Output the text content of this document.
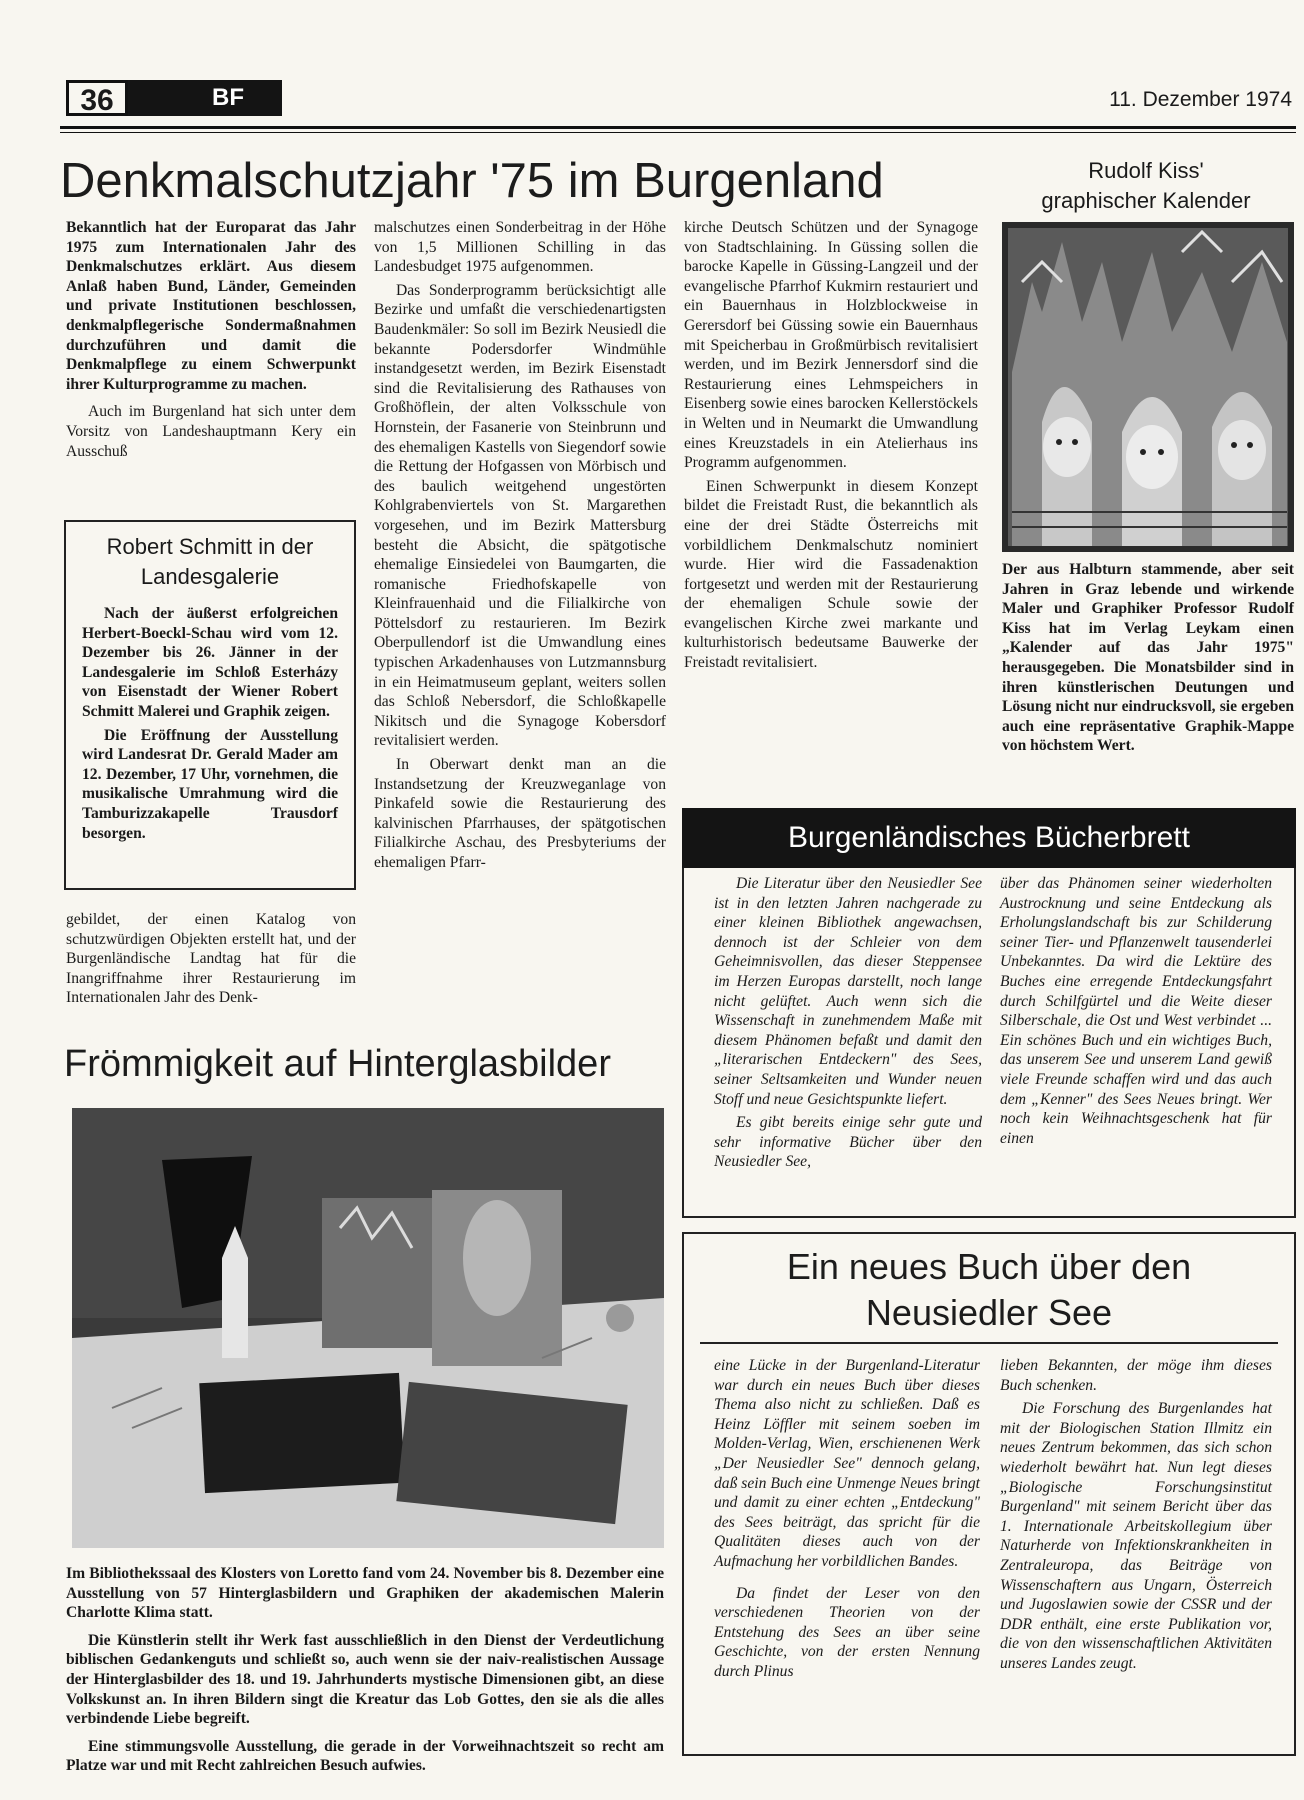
36	BF	11. Dezember 1974
Denkmalschutzjahr '75 im Burgenland

Bekanntlich hat der Europarat das Jahr 1975 zum Internationalen Jahr des Denkmalschutzes erklärt. Aus diesem Anlaß haben Bund, Länder, Gemeinden und private Institutionen beschlossen, denkmalpflegerische Sondermaßnahmen durchzuführen und damit die Denkmalpflege zu einem Schwerpunkt ihrer Kulturprogramme zu machen.

Auch im Burgenland hat sich unter dem Vorsitz von Landeshauptmann Kery ein Ausschuß

Robert Schmitt in der
Landesgalerie

Nach der äußerst erfolgreichen Herbert-Boeckl-Schau wird vom 12. Dezember bis 26. Jänner in der Landesgalerie im Schloß Esterházy von Eisenstadt der Wiener Robert Schmitt Malerei und Graphik zeigen.

Die Eröffnung der Ausstellung wird Landesrat Dr. Gerald Mader am 12. Dezember, 17 Uhr, vornehmen, die musikalische Umrahmung wird die Tamburizzakapelle Trausdorf besorgen.

gebildet, der einen Katalog von schutzwürdigen Objekten erstellt hat, und der Burgenländische Landtag hat für die Inangriffnahme ihrer Restaurierung im Internationalen Jahr des Denk-

malschutzes einen Sonderbeitrag in der Höhe von 1,5 Millionen Schilling in das Landesbudget 1975 aufgenommen.

Das Sonderprogramm berücksichtigt alle Bezirke und umfaßt die verschiedenartigsten Baudenkmäler: So soll im Bezirk Neusiedl die bekannte Podersdorfer Windmühle instandgesetzt werden, im Bezirk Eisenstadt sind die Revitalisierung des Rathauses von Großhöflein, der alten Volksschule von Hornstein, der Fasanerie von Steinbrunn und des ehemaligen Kastells von Siegendorf sowie die Rettung der Hofgassen von Mörbisch und des baulich weitgehend ungestörten Kohlgrabenviertels von St. Margarethen vorgesehen, und im Bezirk Mattersburg besteht die Absicht, die spätgotische ehemalige Einsiedelei von Baumgarten, die romanische Friedhofskapelle von Kleinfrauenhaid und die Filialkirche von Pöttelsdorf zu restaurieren. Im Bezirk Oberpullendorf ist die Umwandlung eines typischen Arkadenhauses von Lutzmannsburg in ein Heimatmuseum geplant, weiters sollen das Schloß Nebersdorf, die Schloßkapelle Nikitsch und die Synagoge Kobersdorf revitalisiert werden.

In Oberwart denkt man an die Instandsetzung der Kreuzweganlage von Pinkafeld sowie die Restaurierung des kalvinischen Pfarrhauses, der spätgotischen Filialkirche Aschau, des Presbyteriums der ehemaligen Pfarr-

kirche Deutsch Schützen und der Synagoge von Stadtschlaining. In Güssing sollen die barocke Kapelle in Güssing-Langzeil und der evangelische Pfarrhof Kukmirn restauriert und ein Bauernhaus in Holzblockweise in Gerersdorf bei Güssing sowie ein Bauernhaus mit Speicherbau in Großmürbisch revitalisiert werden, und im Bezirk Jennersdorf sind die Restaurierung eines Lehmspeichers in Eisenberg sowie eines barocken Kellerstöckels in Welten und in Neumarkt die Umwandlung eines Kreuzstadels in ein Atelierhaus ins Programm aufgenommen.

Einen Schwerpunkt in diesem Konzept bildet die Freistadt Rust, die bekanntlich als eine der drei Städte Österreichs mit vorbildlichem Denkmalschutz nominiert wurde. Hier wird die Fassadenaktion fortgesetzt und werden mit der Restaurierung der ehemaligen Schule sowie der evangelischen Kirche zwei markante und kulturhistorisch bedeutsame Bauwerke der Freistadt revitalisiert.

Rudolf Kiss'
graphischer Kalender
Der aus Halbturn stammende, aber seit Jahren in Graz lebende und wirkende Maler und Graphiker Professor Rudolf Kiss hat im Verlag Leykam einen „Kalender auf das Jahr 1975" herausgegeben. Die Monatsbilder sind in ihren künstlerischen Deutungen und Lösung nicht nur eindrucksvoll, sie ergeben auch eine repräsentative Graphik-Mappe von höchstem Wert.
Frömmigkeit auf Hinterglasbilder

Im Bibliothekssaal des Klosters von Loretto fand vom 24. November bis 8. Dezember eine Ausstellung von 57 Hinterglasbildern und Graphiken der akademischen Malerin Charlotte Klima statt.

Die Künstlerin stellt ihr Werk fast ausschließlich in den Dienst der Verdeutlichung biblischen Gedankenguts und schließt so, auch wenn sie der naiv-realistischen Aussage der Hinterglasbilder des 18. und 19. Jahrhunderts mystische Dimensionen gibt, an diese Volkskunst an. In ihren Bildern singt die Kreatur das Lob Gottes, den sie als die alles verbindende Liebe begreift.

Eine stimmungsvolle Ausstellung, die gerade in der Vorweihnachtszeit so recht am Platze war und mit Recht zahlreichen Besuch aufwies.

Burgenländisches Bücherbrett

Die Literatur über den Neusiedler See ist in den letzten Jahren nachgerade zu einer kleinen Bibliothek angewachsen, dennoch ist der Schleier von dem Geheimnisvollen, das dieser Steppensee im Herzen Europas darstellt, noch lange nicht gelüftet. Auch wenn sich die Wissenschaft in zunehmendem Maße mit diesem Phänomen befaßt und damit den „literarischen Entdeckern" des Sees, seiner Seltsamkeiten und Wunder neuen Stoff und neue Gesichtspunkte liefert.

Es gibt bereits einige sehr gute und sehr informative Bücher über den Neusiedler See,

über das Phänomen seiner wiederholten Austrocknung und seine Entdeckung als Erholungslandschaft bis zur Schilderung seiner Tier- und Pflanzenwelt tausenderlei Unbekanntes. Da wird die Lektüre des Buches eine erregende Entdeckungsfahrt durch Schilfgürtel und die Weite dieser Silberschale, die Ost und West verbindet ... Ein schönes Buch und ein wichtiges Buch, das unserem See und unserem Land gewiß viele Freunde schaffen wird und das auch dem „Kenner" des Sees Neues bringt. Wer noch kein Weihnachtsgeschenk hat für einen

Ein neues Buch über den
Neusiedler See

eine Lücke in der Burgenland-Literatur war durch ein neues Buch über dieses Thema also nicht zu schließen. Daß es Heinz Löffler mit seinem soeben im Molden-Verlag, Wien, erschienenen Werk „Der Neusiedler See" dennoch gelang, daß sein Buch eine Unmenge Neues bringt und damit zu einer echten „Entdeckung" des Sees beiträgt, das spricht für die Qualitäten dieses auch von der Aufmachung her vorbildlichen Bandes.

Da findet der Leser von den verschiedenen Theorien von der Entstehung des Sees an über seine Geschichte, von der ersten Nennung durch Plinus

lieben Bekannten, der möge ihm dieses Buch schenken.

Die Forschung des Burgenlandes hat mit der Biologischen Station Illmitz ein neues Zentrum bekommen, das sich schon wiederholt bewährt hat. Nun legt dieses „Biologische Forschungsinstitut Burgenland" mit seinem Bericht über das 1. Internationale Arbeitskollegium über Naturherde von Infektionskrankheiten in Zentraleuropa, das Beiträge von Wissenschaftern aus Ungarn, Österreich und Jugoslawien sowie der CSSR und der DDR enthält, eine erste Publikation vor, die von den wissenschaftlichen Aktivitäten unseres Landes zeugt.
